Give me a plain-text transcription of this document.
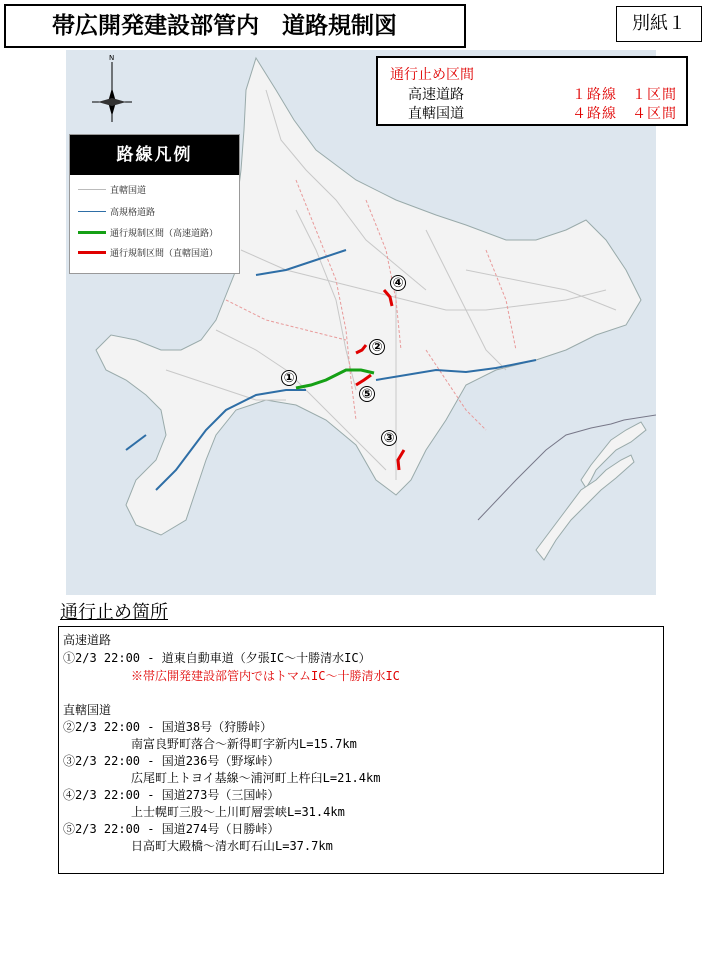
帯広開発建設部管内　道路規制図	別紙１
N
①
②
③
④
⑤
通行止め区間
高速道路	１路線　１区間
直轄国道	４路線　４区間
路線凡例
直轄国道
高規格道路
通行規制区間（高速道路）
通行規制区間（直轄国道）
通行止め箇所
高速道路
①2/3 22:00 - 道東自動車道（夕張IC～十勝清水IC）
※帯広開発建設部管内ではトマムIC～十勝清水IC
直轄国道
②2/3 22:00 - 国道38号（狩勝峠）
南富良野町落合～新得町字新内L=15.7km
③2/3 22:00 - 国道236号（野塚峠）
広尾町上トヨイ基線～浦河町上杵臼L=21.4km
④2/3 22:00 - 国道273号（三国峠）
上士幌町三股～上川町層雲峡L=31.4km
⑤2/3 22:00 - 国道274号（日勝峠）
日高町大殿橋～清水町石山L=37.7km
